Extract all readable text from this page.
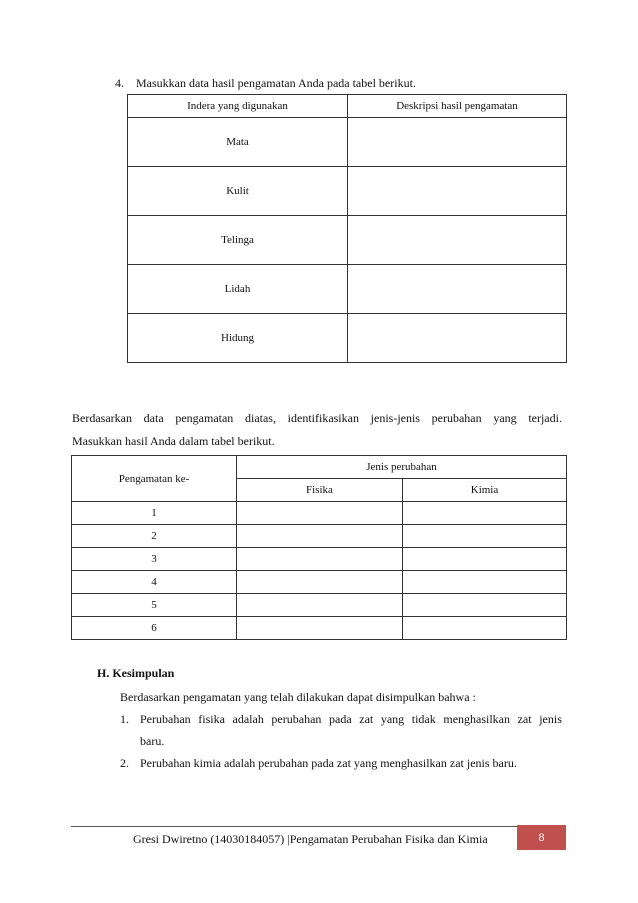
4. Masukkan data hasil pengamatan Anda pada tabel berikut.
Indera yang digunakan	Deskripsi hasil pengamatan
Mata	
Kulit	
Telinga	
Lidah	
Hidung	
Berdasarkan data pengamatan diatas, identifikasikan jenis-jenis perubahan yang terjadi.
Masukkan hasil Anda dalam tabel berikut.
Pengamatan ke-	Jenis perubahan	
	Fisika	Kimia
1		
2		
3		
4		
5		
6		
H. Kesimpulan
Berdasarkan pengamatan yang telah dilakukan dapat disimpulkan bahwa :
1. Perubahan fisika adalah perubahan pada zat yang tidak menghasilkan zat jenis
baru.
2. Perubahan kimia adalah perubahan pada zat yang menghasilkan zat jenis baru.
Gresi Dwiretno (14030184057) |Pengamatan Perubahan Fisika dan Kimia	8
